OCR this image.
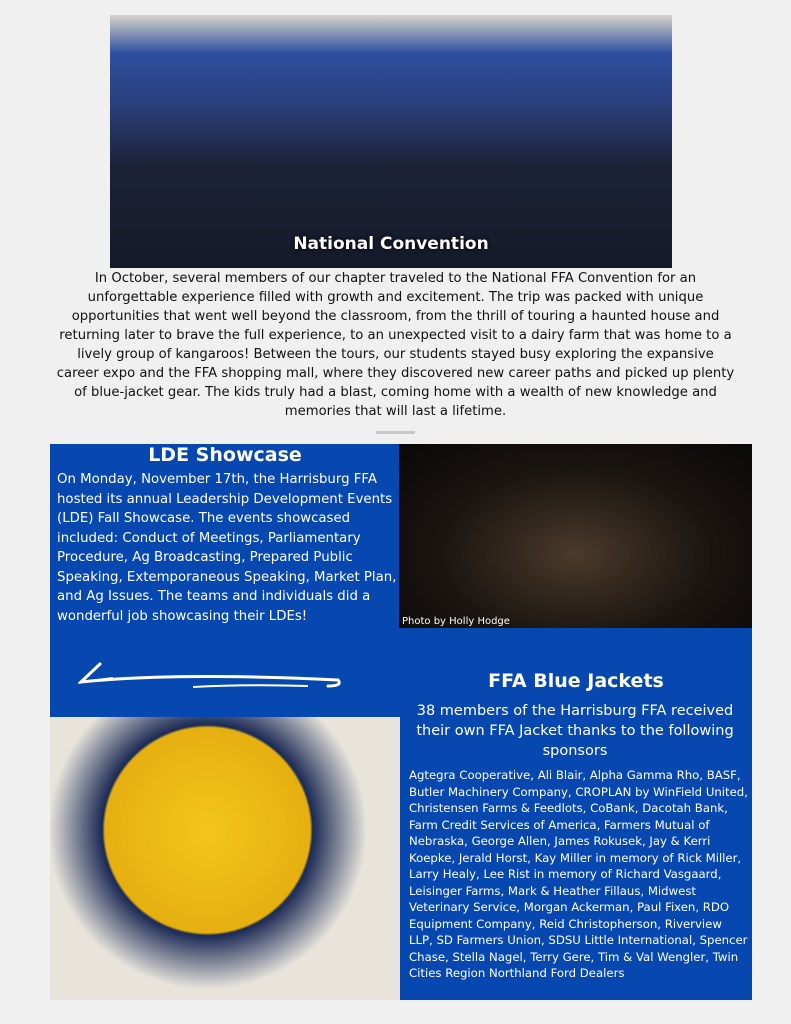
National Convention
In October, several members of our chapter traveled to the National FFA Convention for an unforgettable experience filled with growth and excitement. The trip was packed with unique opportunities that went well beyond the classroom, from the thrill of touring a haunted house and returning later to brave the full experience, to an unexpected visit to a dairy farm that was home to a lively group of kangaroos! Between the tours, our students stayed busy exploring the expansive career expo and the FFA shopping mall, where they discovered new career paths and picked up plenty of blue-jacket gear. The kids truly had a blast, coming home with a wealth of new knowledge and memories that will last a lifetime.
LDE Showcase
On Monday, November 17th, the Harrisburg FFA hosted its annual Leadership Development Events (LDE) Fall Showcase. The events showcased included: Conduct of Meetings, Parliamentary Procedure, Ag Broadcasting, Prepared Public Speaking, Extemporaneous Speaking, Market Plan, and Ag Issues. The teams and individuals did a wonderful job showcasing their LDEs!	Photo by Holly Hodge
FFA Blue Jackets
38 members of the Harrisburg FFA received their own FFA Jacket thanks to the following sponsors
Agtegra Cooperative, Ali Blair, Alpha Gamma Rho, BASF, Butler Machinery Company, CROPLAN by WinField United, Christensen Farms & Feedlots, CoBank, Dacotah Bank, Farm Credit Services of America, Farmers Mutual of Nebraska, George Allen, James Rokusek, Jay & Kerri Koepke, Jerald Horst, Kay Miller in memory of Rick Miller, Larry Healy, Lee Rist in memory of Richard Vasgaard, Leisinger Farms, Mark & Heather Fillaus, Midwest Veterinary Service, Morgan Ackerman, Paul Fixen, RDO Equipment Company, Reid Christopherson, Riverview LLP, SD Farmers Union, SDSU Little International, Spencer Chase, Stella Nagel, Terry Gere, Tim & Val Wengler, Twin Cities Region Northland Ford Dealers
